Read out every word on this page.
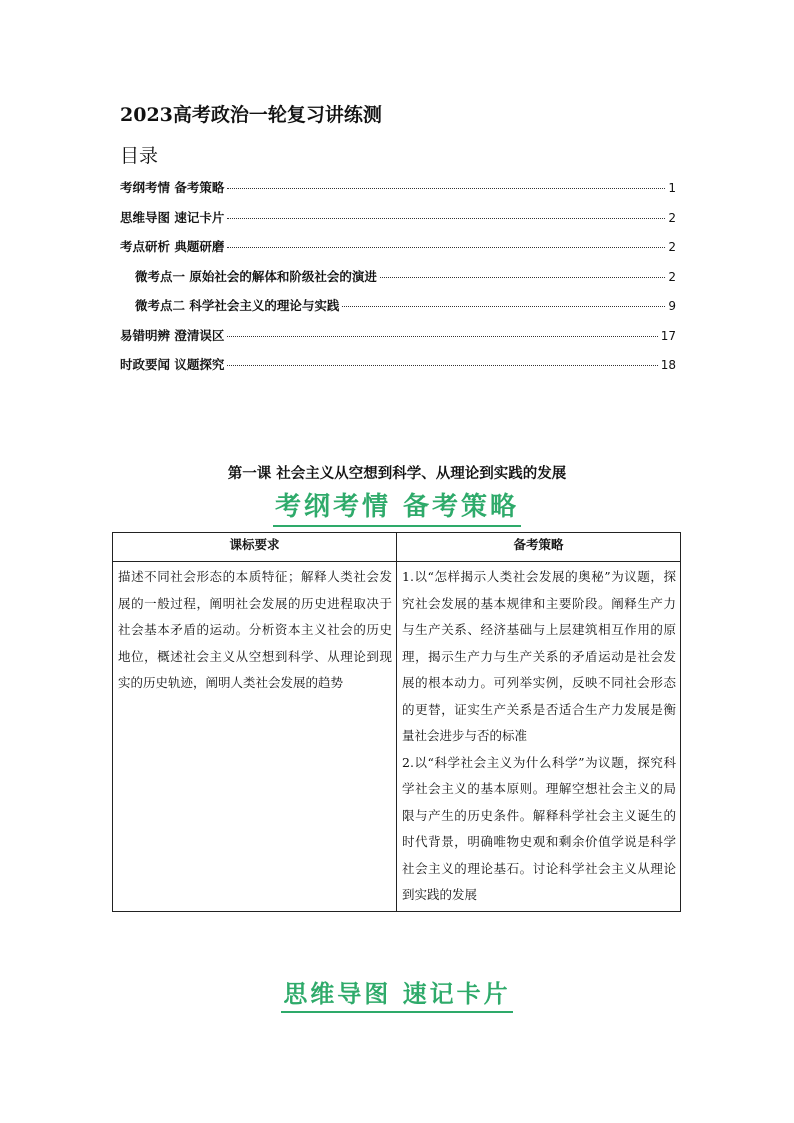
2023高考政治一轮复习讲练测
目录
考纲考情 备考策略	1
思维导图 速记卡片	2
考点研析 典题研磨	2
微考点一 原始社会的解体和阶级社会的演进	2
微考点二 科学社会主义的理论与实践	9
易错明辨 澄清误区	17
时政要闻 议题探究	18
第一课 社会主义从空想到科学、从理论到实践的发展
考纲考情 备考策略
课标要求	备考策略
描述不同社会形态的本质特征；解释人类社会发展的一般过程，阐明社会发展的历史进程取决于社会基本矛盾的运动。分析资本主义社会的历史地位，概述社会主义从空想到科学、从理论到现实的历史轨迹，阐明人类社会发展的趋势	1.以“怎样揭示人类社会发展的奥秘”为议题，探究社会发展的基本规律和主要阶段。阐释生产力与生产关系、经济基础与上层建筑相互作用的原理，揭示生产力与生产关系的矛盾运动是社会发展的根本动力。可列举实例，反映不同社会形态的更替，证实生产关系是否适合生产力发展是衡量社会进步与否的标准
2.以“科学社会主义为什么科学”为议题，探究科学社会主义的基本原则。理解空想社会主义的局限与产生的历史条件。解释科学社会主义诞生的时代背景，明确唯物史观和剩余价值学说是科学社会主义的理论基石。讨论科学社会主义从理论到实践的发展
思维导图 速记卡片
